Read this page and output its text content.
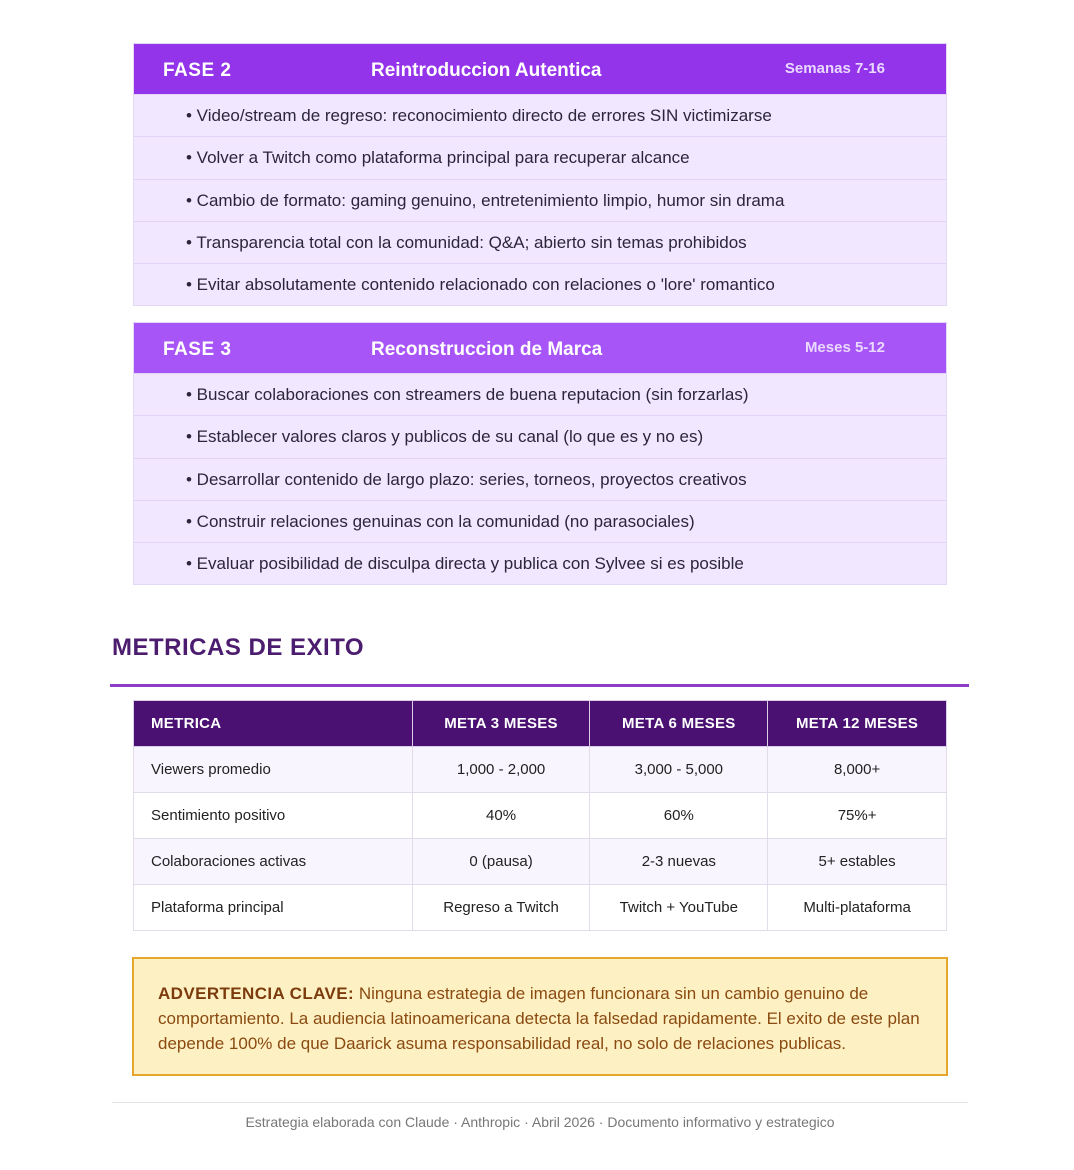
FASE 2	Reintroduccion Autentica	Semanas 7-16
• Video/stream de regreso: reconocimiento directo de errores SIN victimizarse
• Volver a Twitch como plataforma principal para recuperar alcance
• Cambio de formato: gaming genuino, entretenimiento limpio, humor sin drama
• Transparencia total con la comunidad: Q&A; abierto sin temas prohibidos
• Evitar absolutamente contenido relacionado con relaciones o 'lore' romantico
FASE 3	Reconstruccion de Marca	Meses 5-12
• Buscar colaboraciones con streamers de buena reputacion (sin forzarlas)
• Establecer valores claros y publicos de su canal (lo que es y no es)
• Desarrollar contenido de largo plazo: series, torneos, proyectos creativos
• Construir relaciones genuinas con la comunidad (no parasociales)
• Evaluar posibilidad de disculpa directa y publica con Sylvee si es posible
METRICAS DE EXITO
METRICA	META 3 MESES	META 6 MESES	META 12 MESES
Viewers promedio	1,000 - 2,000	3,000 - 5,000	8,000+
Sentimiento positivo	40%	60%	75%+
Colaboraciones activas	0 (pausa)	2-3 nuevas	5+ estables
Plataforma principal	Regreso a Twitch	Twitch + YouTube	Multi-plataforma
ADVERTENCIA CLAVE: Ninguna estrategia de imagen funcionara sin un cambio genuino de comportamiento. La audiencia latinoamericana detecta la falsedad rapidamente. El exito de este plan depende 100% de que Daarick asuma responsabilidad real, no solo de relaciones publicas.
Estrategia elaborada con Claude · Anthropic · Abril 2026 · Documento informativo y estrategico
